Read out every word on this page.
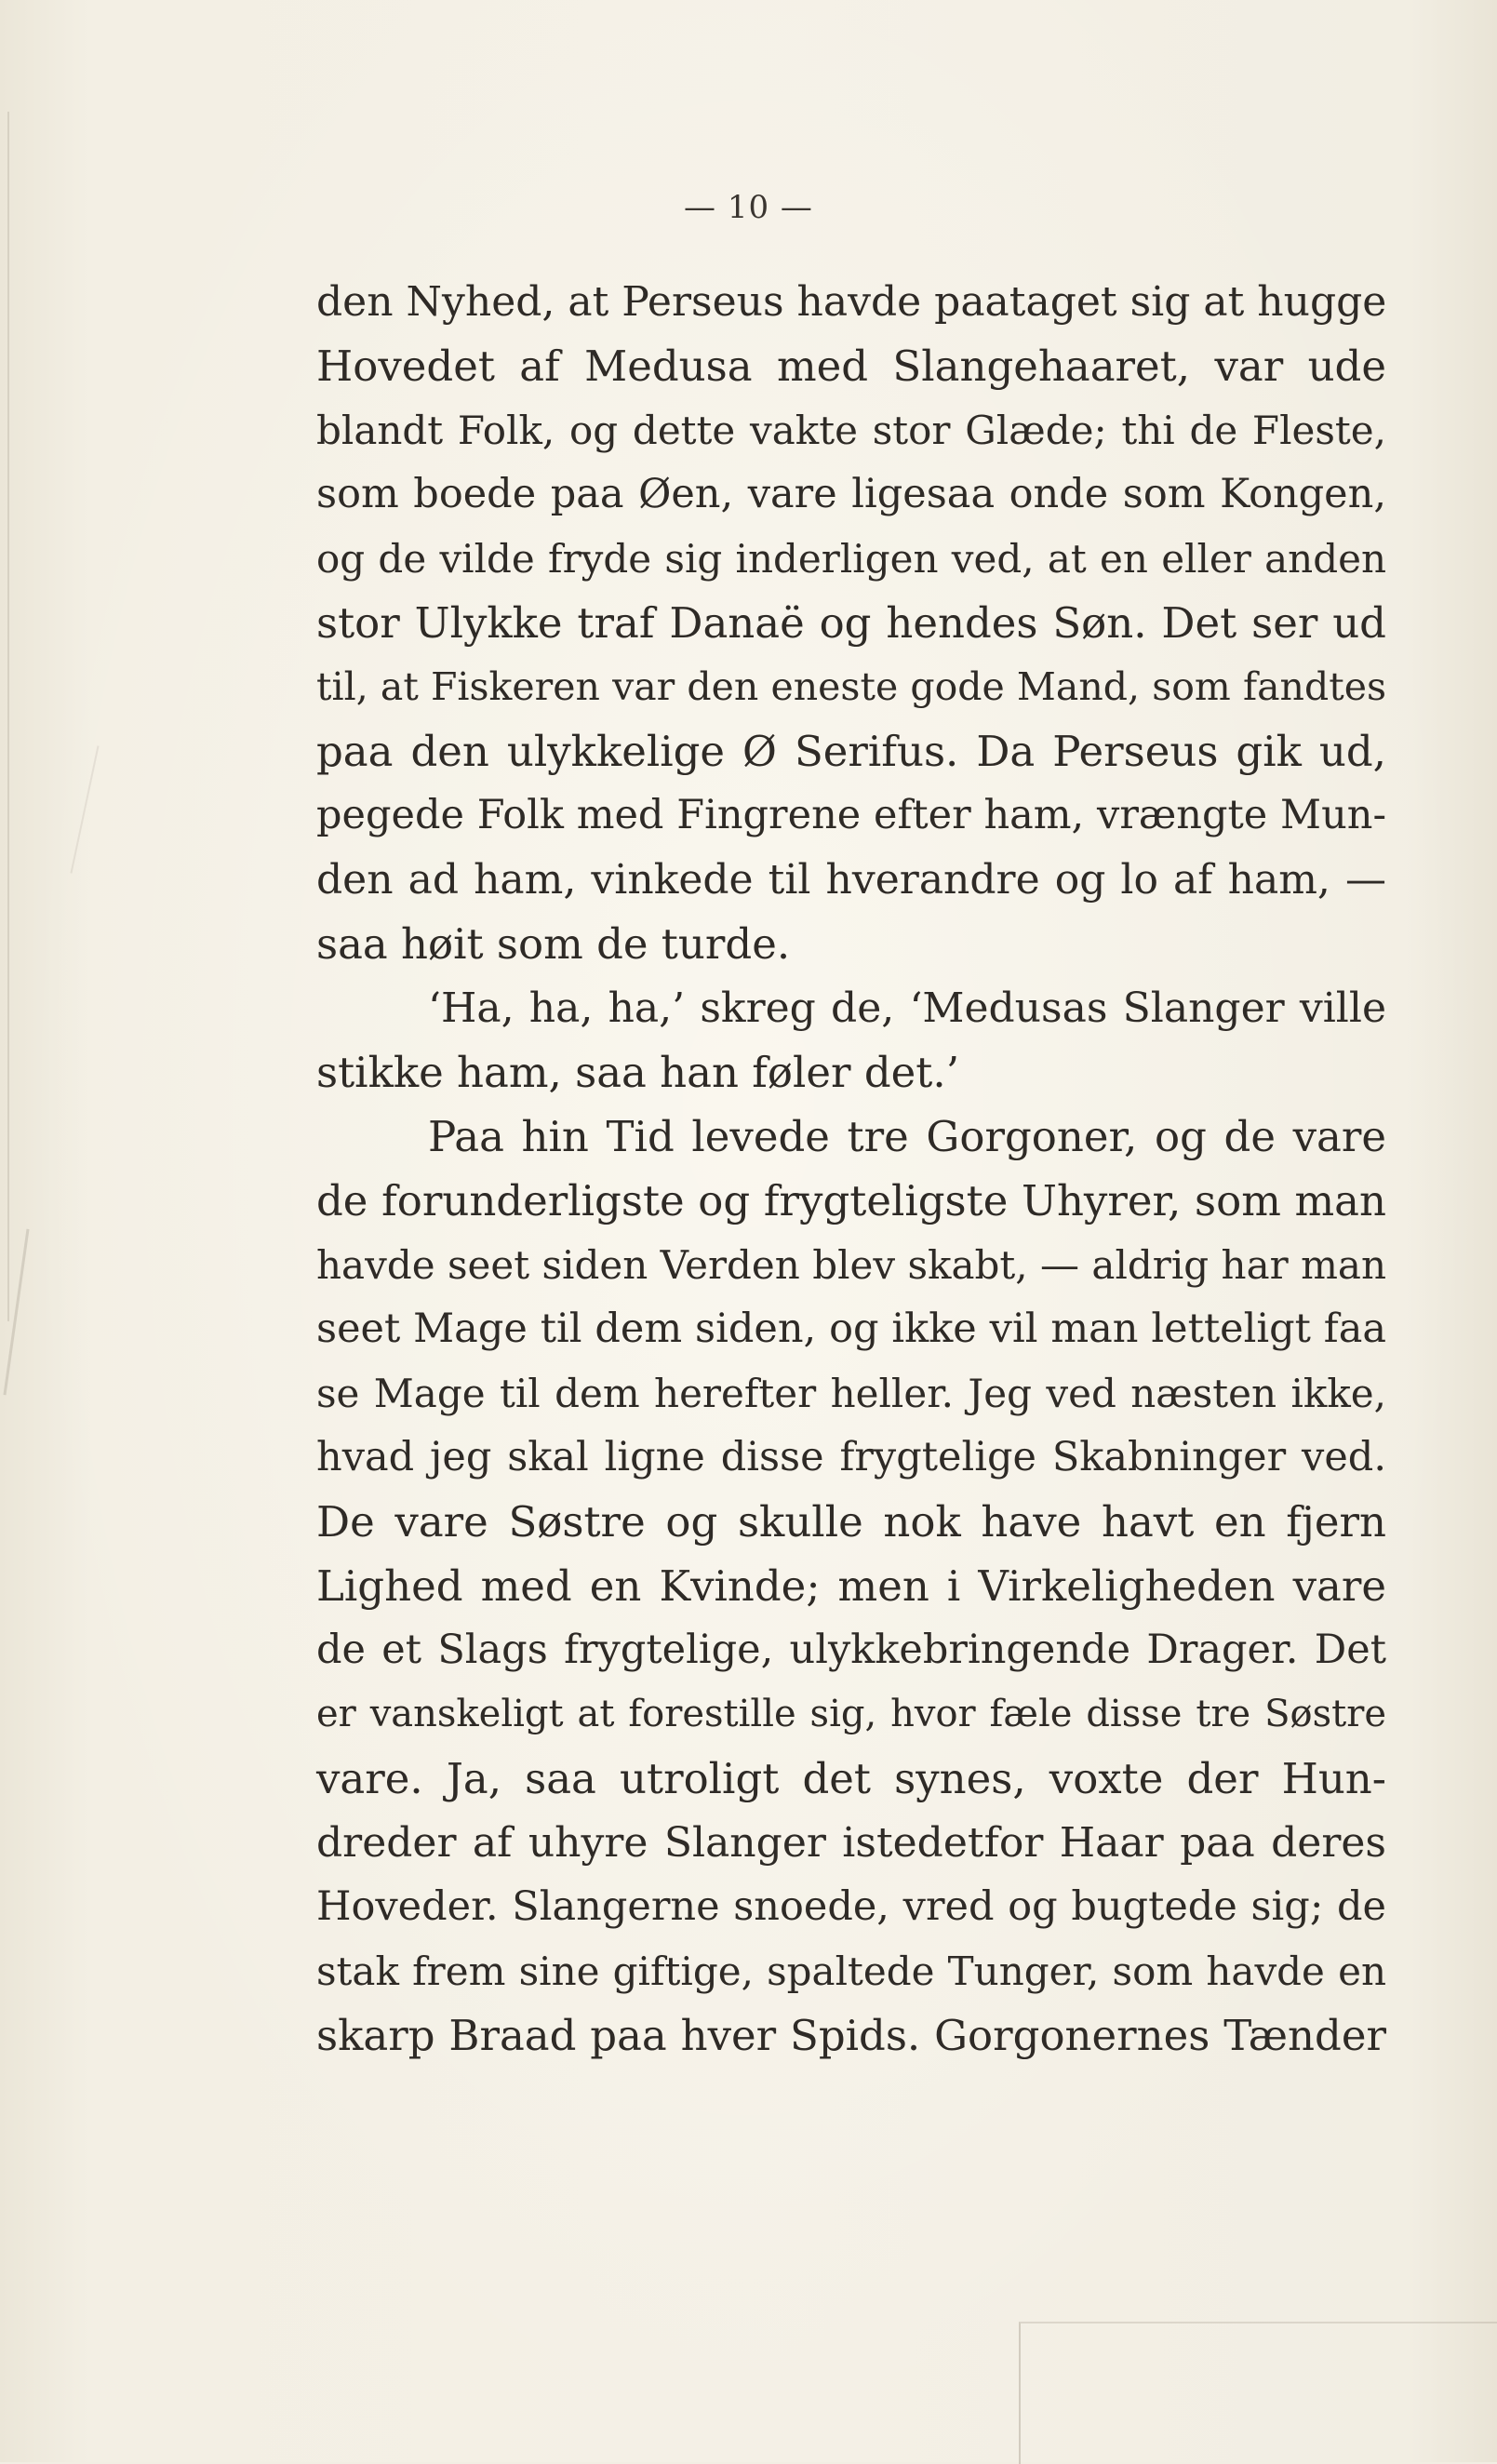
— 10 —
den Nyhed, at Perseus havde paataget sig at hugge
Hovedet af Medusa med Slangehaaret, var ude
blandt Folk, og dette vakte stor Glæde; thi de Fleste,
som boede paa Øen, vare ligesaa onde som Kongen,
og de vilde fryde sig inderligen ved, at en eller anden
stor Ulykke traf Danaë og hendes Søn. Det ser ud
til, at Fiskeren var den eneste gode Mand, som fandtes
paa den ulykkelige Ø Serifus. Da Perseus gik ud,
pegede Folk med Fingrene efter ham, vrængte Mun-
den ad ham, vinkede til hverandre og lo af ham, —
saa høit som de turde.
‘Ha, ha, ha,’ skreg de, ‘Medusas Slanger ville
stikke ham, saa han føler det.’
Paa hin Tid levede tre Gorgoner, og de vare
de forunderligste og frygteligste Uhyrer, som man
havde seet siden Verden blev skabt, — aldrig har man
seet Mage til dem siden, og ikke vil man letteligt faa
se Mage til dem herefter heller. Jeg ved næsten ikke,
hvad jeg skal ligne disse frygtelige Skabninger ved.
De vare Søstre og skulle nok have havt en fjern
Lighed med en Kvinde; men i Virkeligheden vare
de et Slags frygtelige, ulykkebringende Drager. Det
er vanskeligt at forestille sig, hvor fæle disse tre Søstre
vare. Ja, saa utroligt det synes, voxte der Hun-
dreder af uhyre Slanger istedetfor Haar paa deres
Hoveder. Slangerne snoede, vred og bugtede sig; de
stak frem sine giftige, spaltede Tunger, som havde en
skarp Braad paa hver Spids. Gorgonernes Tænder
